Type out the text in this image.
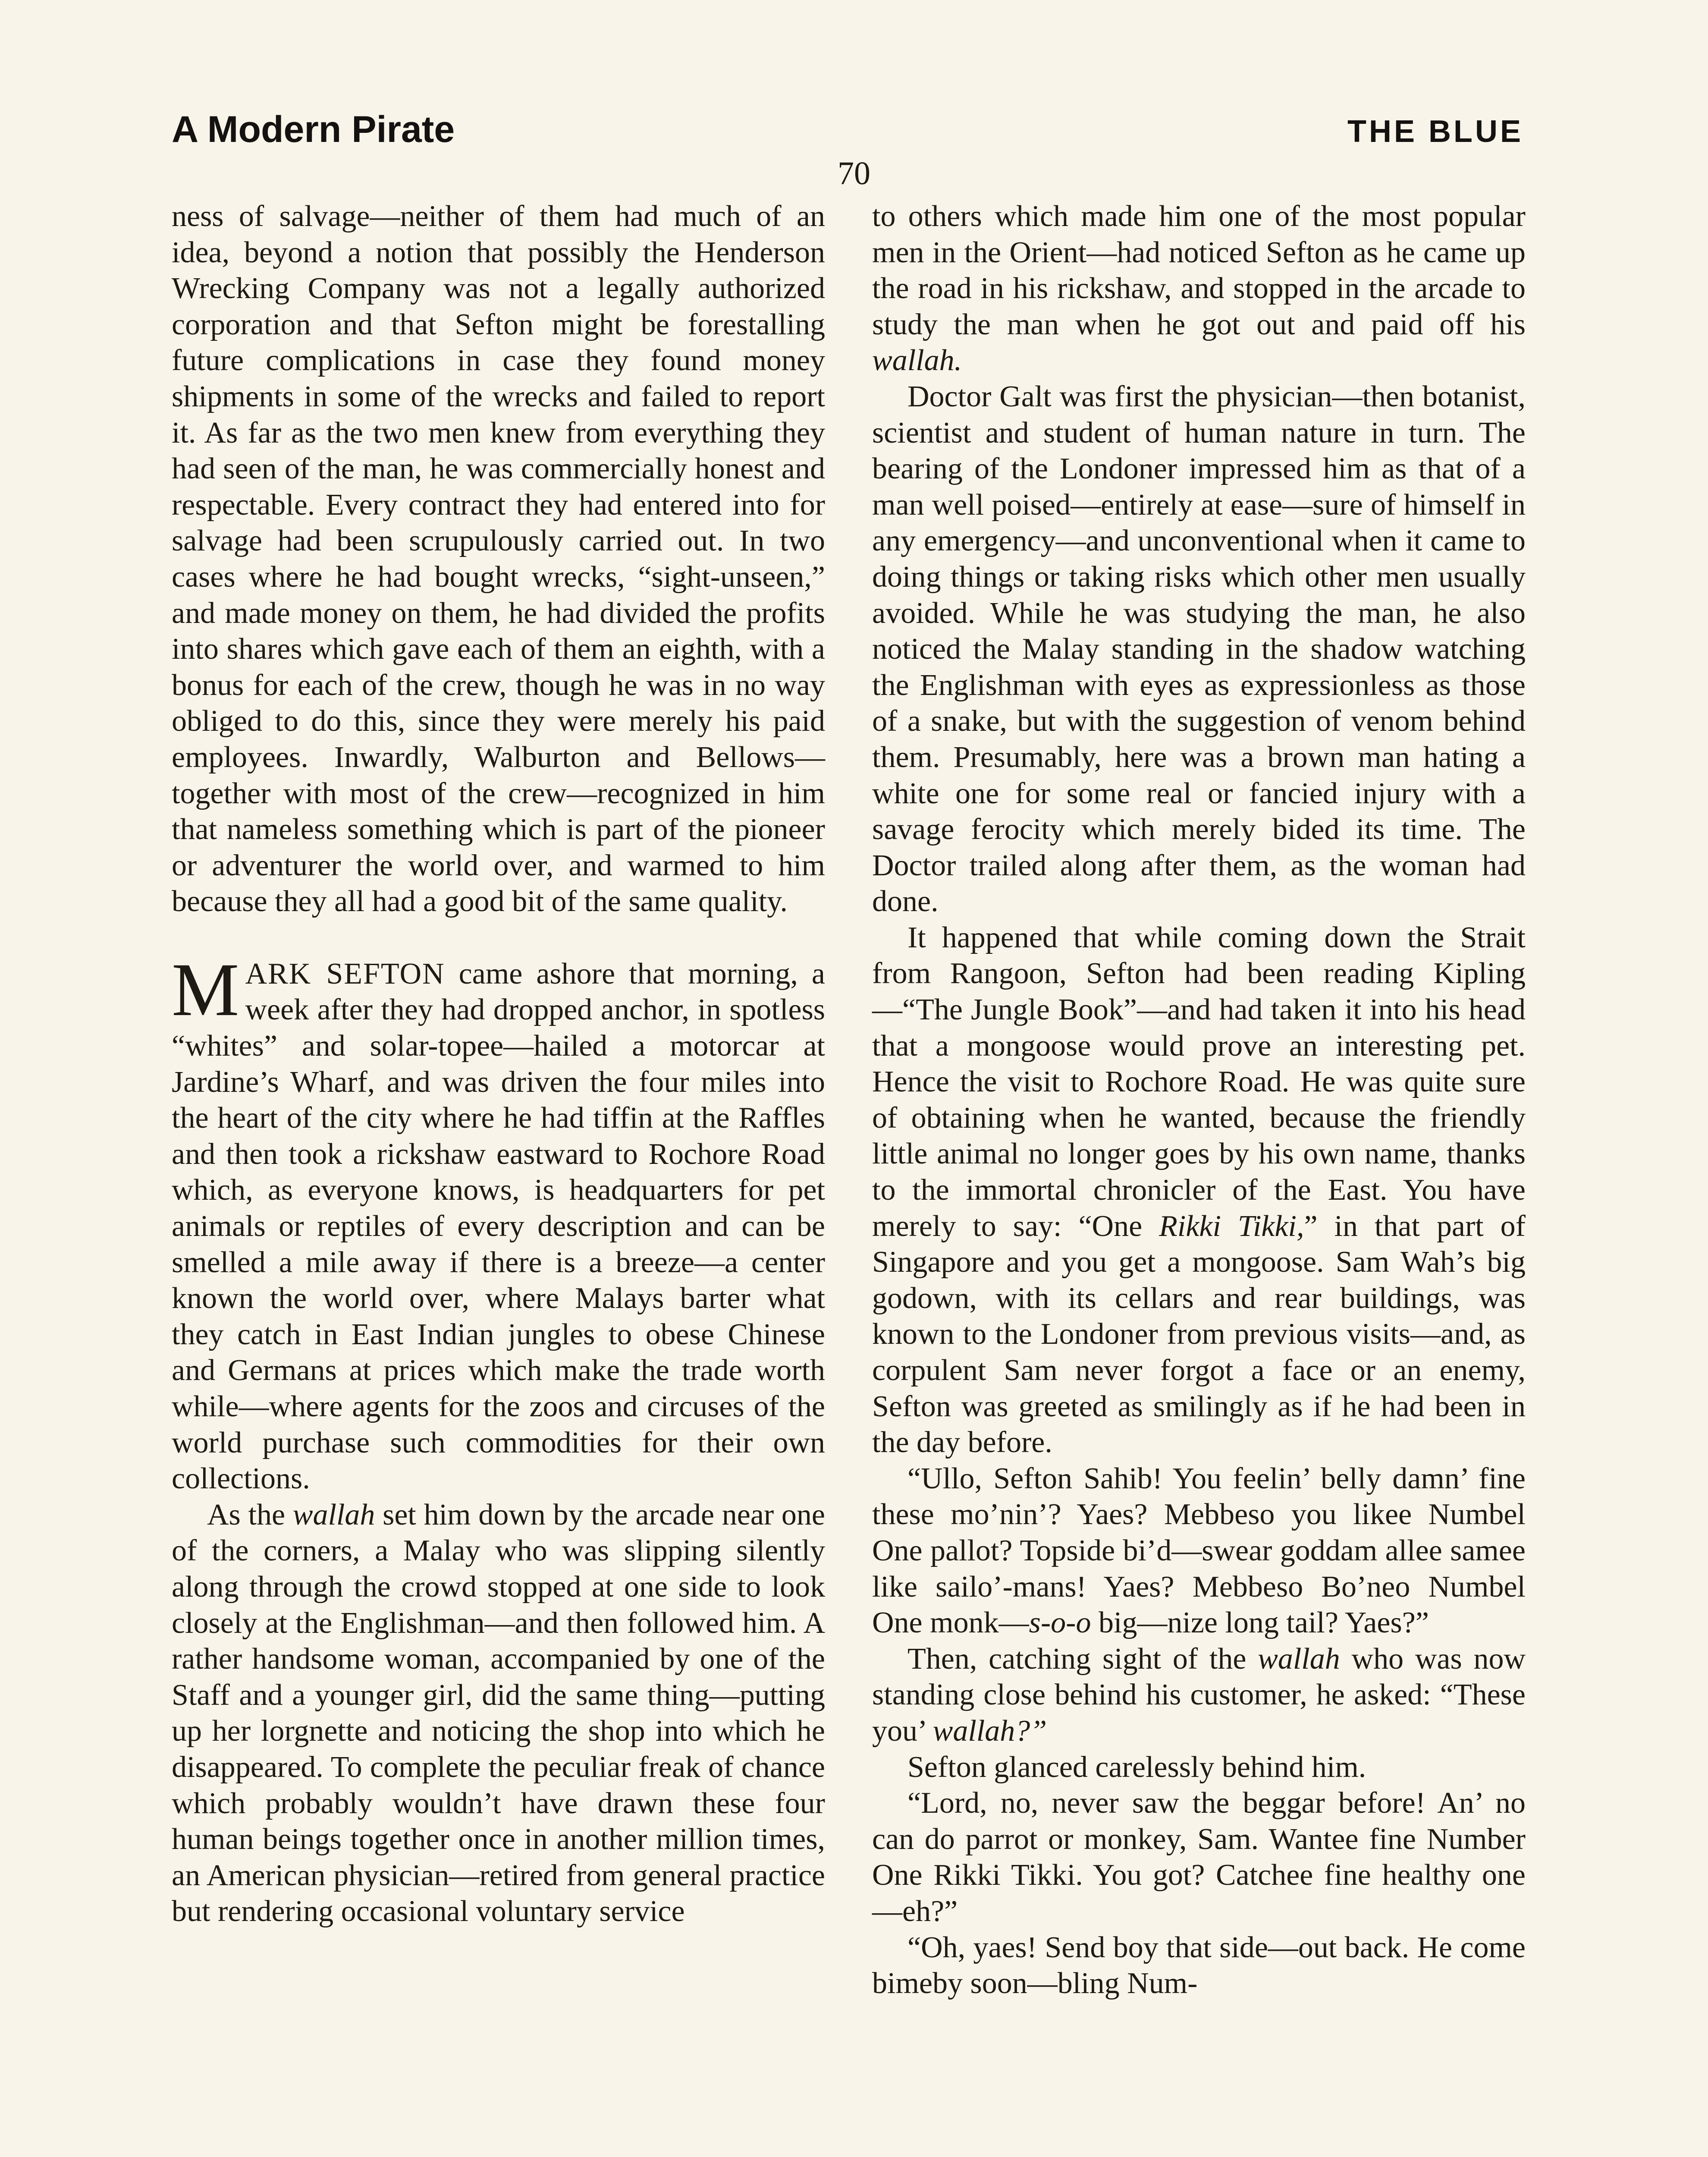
A Modern Pirate	THE BLUE
70

ness of salvage—neither of them had much of an idea, beyond a notion that possibly the Henderson Wrecking Company was not a legally authorized corporation and that Sefton might be forestalling future complications in case they found money shipments in some of the wrecks and failed to report it. As far as the two men knew from everything they had seen of the man, he was commercially honest and respectable. Every contract they had entered into for salvage had been scrupulously carried out. In two cases where he had bought wrecks, “sight-unseen,” and made money on them, he had divided the profits into shares which gave each of them an eighth, with a bonus for each of the crew, though he was in no way obliged to do this, since they were merely his paid employees. Inwardly, Walburton and Bellows—together with most of the crew—recognized in him that nameless something which is part of the pioneer or adventurer the world over, and warmed to him because they all had a good bit of the same quality.

MARK SEFTON came ashore that morning, a week after they had dropped anchor, in spotless “whites” and solar-topee—hailed a motorcar at Jardine’s Wharf, and was driven the four miles into the heart of the city where he had tiffin at the Raffles and then took a rickshaw eastward to Rochore Road which, as everyone knows, is headquarters for pet animals or reptiles of every description and can be smelled a mile away if there is a breeze—a center known the world over, where Malays barter what they catch in East Indian jungles to obese Chinese and Germans at prices which make the trade worth while—where agents for the zoos and circuses of the world purchase such commodities for their own collections.

As the wallah set him down by the arcade near one of the corners, a Malay who was slipping silently along through the crowd stopped at one side to look closely at the Englishman—and then followed him. A rather handsome woman, accompanied by one of the Staff and a younger girl, did the same thing—putting up her lorgnette and noticing the shop into which he disappeared. To complete the peculiar freak of chance which probably wouldn’t have drawn these four human beings together once in another million times, an American physician—retired from general practice but rendering occasional voluntary service

to others which made him one of the most popular men in the Orient—had noticed Sefton as he came up the road in his rickshaw, and stopped in the arcade to study the man when he got out and paid off his wallah.

Doctor Galt was first the physician—then botanist, scientist and student of human nature in turn. The bearing of the Londoner impressed him as that of a man well poised—entirely at ease—sure of himself in any emergency—and unconventional when it came to doing things or taking risks which other men usually avoided. While he was studying the man, he also noticed the Malay standing in the shadow watching the Englishman with eyes as expressionless as those of a snake, but with the suggestion of venom behind them. Presumably, here was a brown man hating a white one for some real or fancied injury with a savage ferocity which merely bided its time. The Doctor trailed along after them, as the woman had done.

It happened that while coming down the Strait from Rangoon, Sefton had been reading Kipling—“The Jungle Book”—and had taken it into his head that a mongoose would prove an interesting pet. Hence the visit to Rochore Road. He was quite sure of obtaining when he wanted, because the friendly little animal no longer goes by his own name, thanks to the immortal chronicler of the East. You have merely to say: “One Rikki Tikki,” in that part of Singapore and you get a mongoose. Sam Wah’s big godown, with its cellars and rear buildings, was known to the Londoner from previous visits—and, as corpulent Sam never forgot a face or an enemy, Sefton was greeted as smilingly as if he had been in the day before.

“Ullo, Sefton Sahib! You feelin’ belly damn’ fine these mo’nin’? Yaes? Mebbeso you likee Numbel One pallot? Topside bi’d—swear goddam allee samee like sailo’-mans! Yaes? Mebbeso Bo’neo Numbel One monk—s-o-o big—nize long tail? Yaes?”

Then, catching sight of the wallah who was now standing close behind his customer, he asked: “These you’ wallah?”

Sefton glanced carelessly behind him.

“Lord, no, never saw the beggar before! An’ no can do parrot or monkey, Sam. Wantee fine Number One Rikki Tikki. You got? Catchee fine healthy one—eh?”

“Oh, yaes! Send boy that side—out back. He come bimeby soon—bling Num-
